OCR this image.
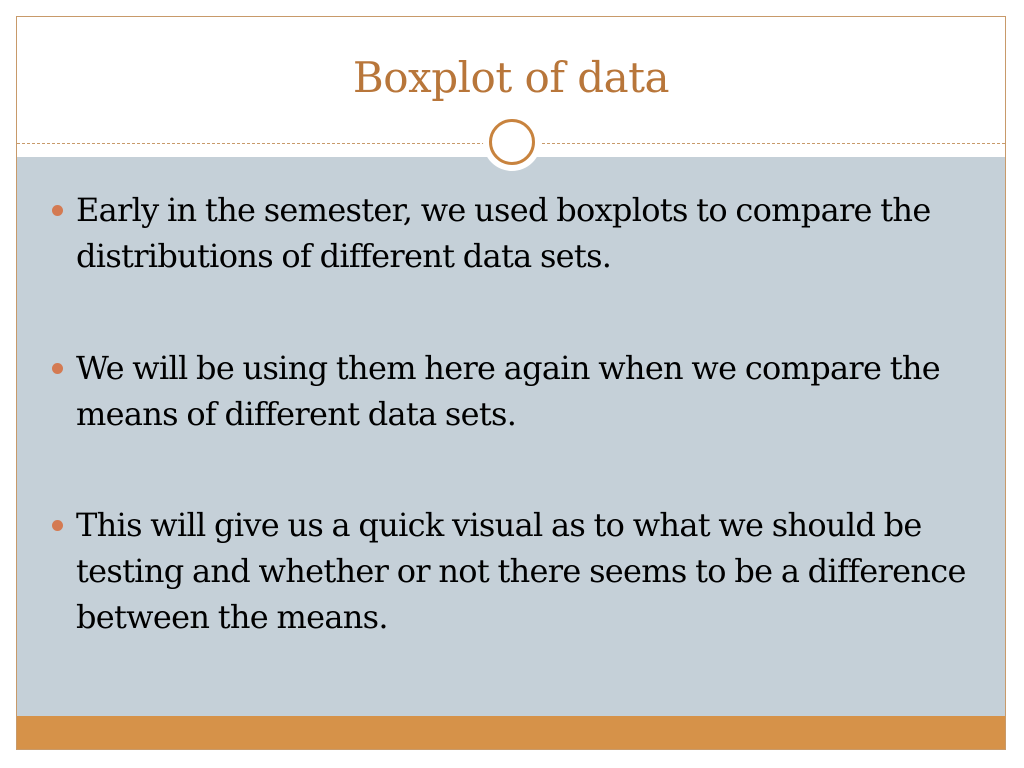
Boxplot of data
Early in the semester, we used boxplots to compare the distributions of different data sets.
We will be using them here again when we compare the means of different data sets.
This will give us a quick visual as to what we should be testing and whether or not there seems to be a difference between the means.
